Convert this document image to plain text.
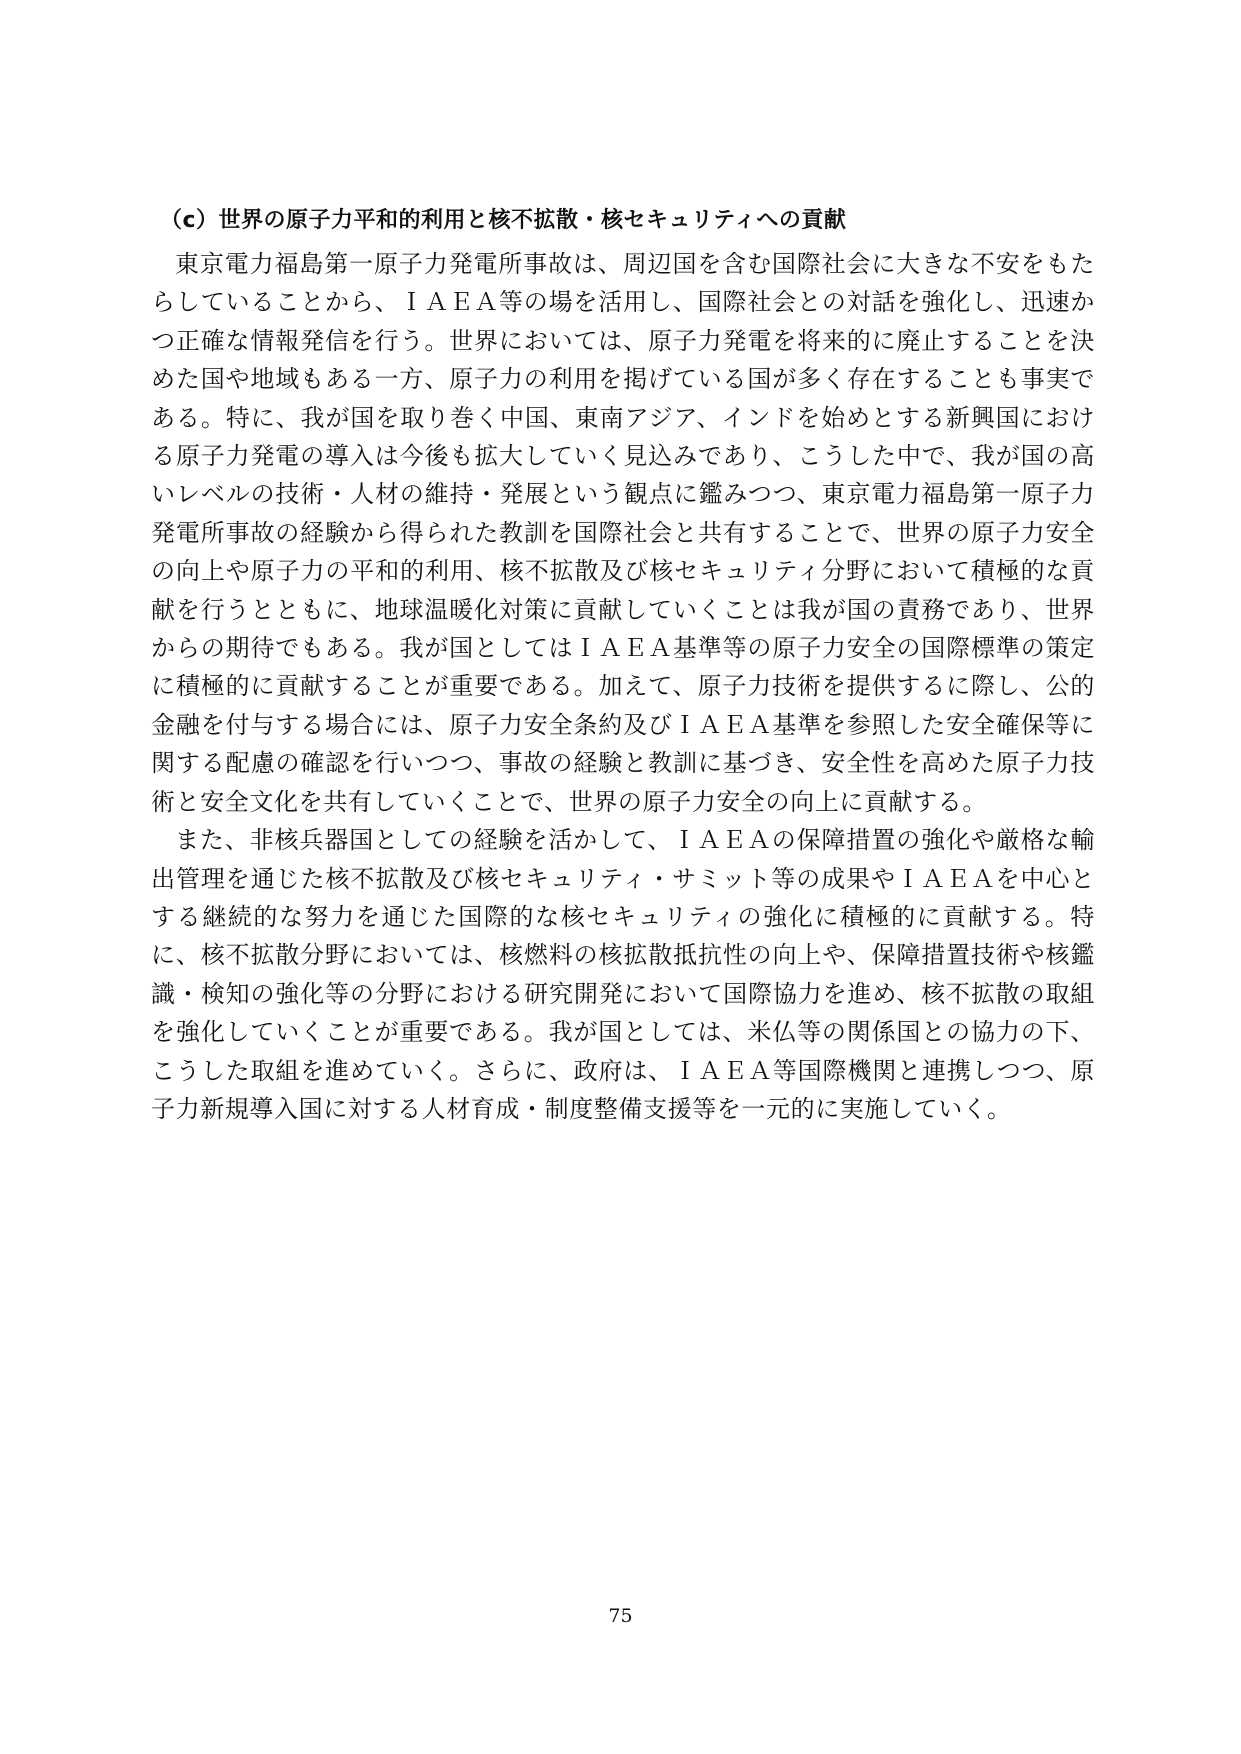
（c）世界の原子力平和的利用と核不拡散・核セキュリティへの貢献

東京電力福島第一原子力発電所事故は、周辺国を含む国際社会に大きな不安をもたらしていることから、ＩＡＥＡ等の場を活用し、国際社会との対話を強化し、迅速かつ正確な情報発信を行う。世界においては、原子力発電を将来的に廃止することを決めた国や地域もある一方、原子力の利用を掲げている国が多く存在することも事実である。特に、我が国を取り巻く中国、東南アジア、インドを始めとする新興国における原子力発電の導入は今後も拡大していく見込みであり、こうした中で、我が国の高いレベルの技術・人材の維持・発展という観点に鑑みつつ、東京電力福島第一原子力発電所事故の経験から得られた教訓を国際社会と共有することで、世界の原子力安全の向上や原子力の平和的利用、核不拡散及び核セキュリティ分野において積極的な貢献を行うとともに、地球温暖化対策に貢献していくことは我が国の責務であり、世界からの期待でもある。我が国としてはＩＡＥＡ基準等の原子力安全の国際標準の策定に積極的に貢献することが重要である。加えて、原子力技術を提供するに際し、公的金融を付与する場合には、原子力安全条約及びＩＡＥＡ基準を参照した安全確保等に関する配慮の確認を行いつつ、事故の経験と教訓に基づき、安全性を高めた原子力技術と安全文化を共有していくことで、世界の原子力安全の向上に貢献する。

また、非核兵器国としての経験を活かして、ＩＡＥＡの保障措置の強化や厳格な輸出管理を通じた核不拡散及び核セキュリティ・サミット等の成果やＩＡＥＡを中心とする継続的な努力を通じた国際的な核セキュリティの強化に積極的に貢献する。特に、核不拡散分野においては、核燃料の核拡散抵抗性の向上や、保障措置技術や核鑑識・検知の強化等の分野における研究開発において国際協力を進め、核不拡散の取組を強化していくことが重要である。我が国としては、米仏等の関係国との協力の下、こうした取組を進めていく。さらに、政府は、ＩＡＥＡ等国際機関と連携しつつ、原子力新規導入国に対する人材育成・制度整備支援等を一元的に実施していく。

75
